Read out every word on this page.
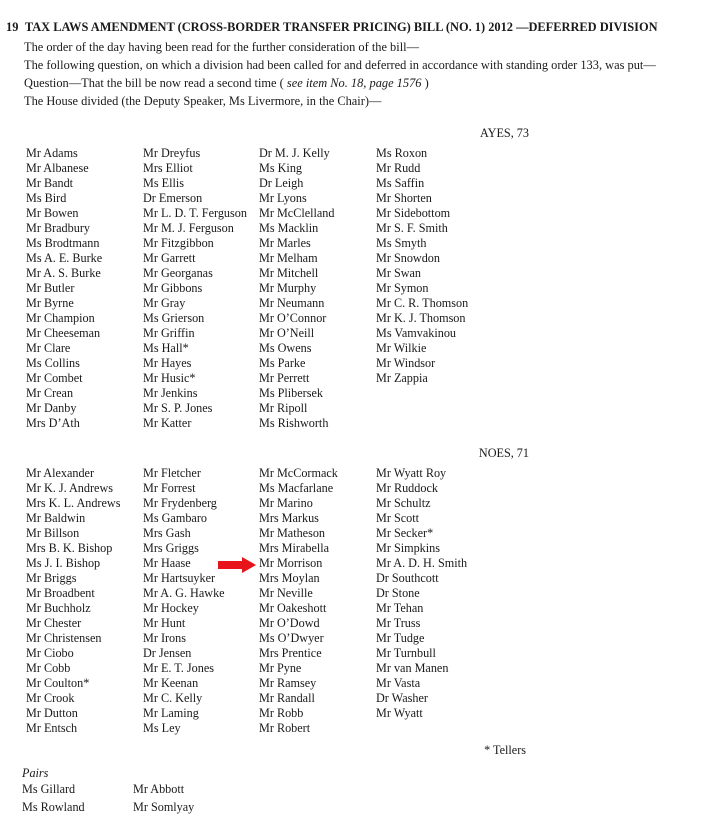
19 TAX LAWS AMENDMENT (CROSS-BORDER TRANSFER PRICING) BILL (NO. 1) 2012 —DEFERRED DIVISION
The order of the day having been read for the further consideration of the bill—
The following question, on which a division had been called for and deferred in accordance with standing order 133, was put—
Question—That the bill be now read a second time ( see item No. 18, page 1576 )
The House divided (the Deputy Speaker, Ms Livermore, in the Chair)—
AYES, 73
Mr Adams
Mr Albanese
Mr Bandt
Ms Bird
Mr Bowen
Mr Bradbury
Ms Brodtmann
Ms A. E. Burke
Mr A. S. Burke
Mr Butler
Mr Byrne
Mr Champion
Mr Cheeseman
Mr Clare
Ms Collins
Mr Combet
Mr Crean
Mr Danby
Mrs D’Ath
Mr Dreyfus
Mrs Elliot
Ms Ellis
Dr Emerson
Mr L. D. T. Ferguson
Mr M. J. Ferguson
Mr Fitzgibbon
Mr Garrett
Mr Georganas
Mr Gibbons
Mr Gray
Ms Grierson
Mr Griffin
Ms Hall*
Mr Hayes
Mr Husic*
Mr Jenkins
Mr S. P. Jones
Mr Katter
Dr M. J. Kelly
Ms King
Dr Leigh
Mr Lyons
Mr McClelland
Ms Macklin
Mr Marles
Mr Melham
Mr Mitchell
Mr Murphy
Mr Neumann
Mr O’Connor
Mr O’Neill
Ms Owens
Ms Parke
Mr Perrett
Ms Plibersek
Mr Ripoll
Ms Rishworth
Ms Roxon
Mr Rudd
Ms Saffin
Mr Shorten
Mr Sidebottom
Mr S. F. Smith
Ms Smyth
Mr Snowdon
Mr Swan
Mr Symon
Mr C. R. Thomson
Mr K. J. Thomson
Ms Vamvakinou
Mr Wilkie
Mr Windsor
Mr Zappia
NOES, 71
Mr Alexander
Mr K. J. Andrews
Mrs K. L. Andrews
Mr Baldwin
Mr Billson
Mrs B. K. Bishop
Ms J. I. Bishop
Mr Briggs
Mr Broadbent
Mr Buchholz
Mr Chester
Mr Christensen
Mr Ciobo
Mr Cobb
Mr Coulton*
Mr Crook
Mr Dutton
Mr Entsch
Mr Fletcher
Mr Forrest
Mr Frydenberg
Ms Gambaro
Mrs Gash
Mrs Griggs
Mr Haase
Mr Hartsuyker
Mr A. G. Hawke
Mr Hockey
Mr Hunt
Mr Irons
Dr Jensen
Mr E. T. Jones
Mr Keenan
Mr C. Kelly
Mr Laming
Ms Ley
Mr McCormack
Ms Macfarlane
Mr Marino
Mrs Markus
Mr Matheson
Mrs Mirabella
Mr Morrison
Mrs Moylan
Mr Neville
Mr Oakeshott
Mr O’Dowd
Ms O’Dwyer
Mrs Prentice
Mr Pyne
Mr Ramsey
Mr Randall
Mr Robb
Mr Robert
Mr Wyatt Roy
Mr Ruddock
Mr Schultz
Mr Scott
Mr Secker*
Mr Simpkins
Mr A. D. H. Smith
Dr Southcott
Dr Stone
Mr Tehan
Mr Truss
Mr Tudge
Mr Turnbull
Mr van Manen
Mr Vasta
Dr Washer
Mr Wyatt
* Tellers
Pairs
Ms Gillard
Ms Rowland
Mr Abbott
Mr Somlyay
